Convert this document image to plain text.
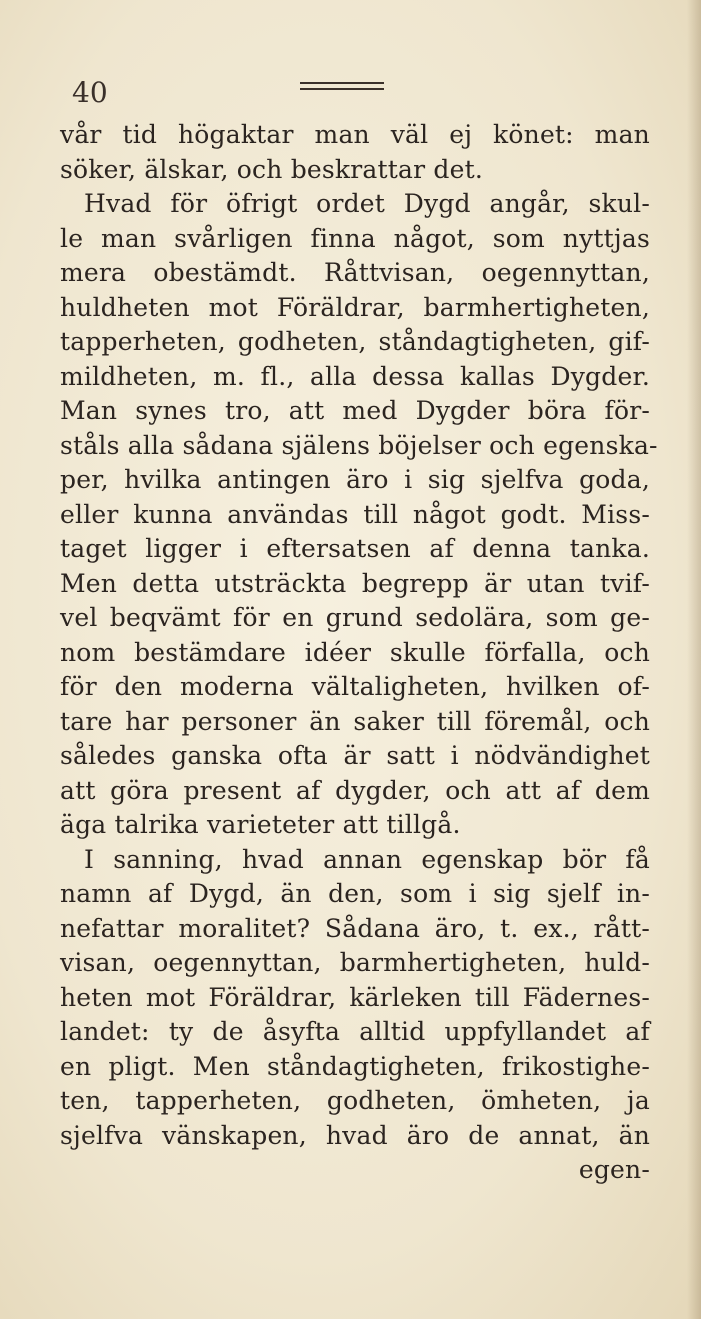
40
vår tid högaktar man väl ej könet: man
söker, älskar, och beskrattar det.
Hvad för öfrigt ordet Dygd angår, skul-
le man svårligen finna något, som nyttjas
mera obestämdt. Råttvisan, oegennyttan,
huldheten mot Föräldrar, barmhertigheten,
tapperheten, godheten, ståndagtigheten, gif-
mildheten, m. fl., alla dessa kallas Dygder.
Man synes tro, att med Dygder böra för-
ståls alla sådana själens böjelser och egenska-
per, hvilka antingen äro i sig sjelfva goda,
eller kunna användas till något godt. Miss-
taget ligger i eftersatsen af denna tanka.
Men detta utsträckta begrepp är utan tvif-
vel beqvämt för en grund sedolära, som ge-
nom bestämdare idéer skulle förfalla, och
för den moderna vältaligheten, hvilken of-
tare har personer än saker till föremål, och
således ganska ofta är satt i nödvändighet
att göra present af dygder, och att af dem
äga talrika varieteter att tillgå.
I sanning, hvad annan egenskap bör få
namn af Dygd, än den, som i sig sjelf in-
nefattar moralitet? Sådana äro, t. ex., rått-
visan, oegennyttan, barmhertigheten, huld-
heten mot Föräldrar, kärleken till Fädernes-
landet: ty de åsyfta alltid uppfyllandet af
en pligt. Men ståndagtigheten, frikostighe-
ten, tapperheten, godheten, ömheten, ja
sjelfva vänskapen, hvad äro de annat, än
egen-
